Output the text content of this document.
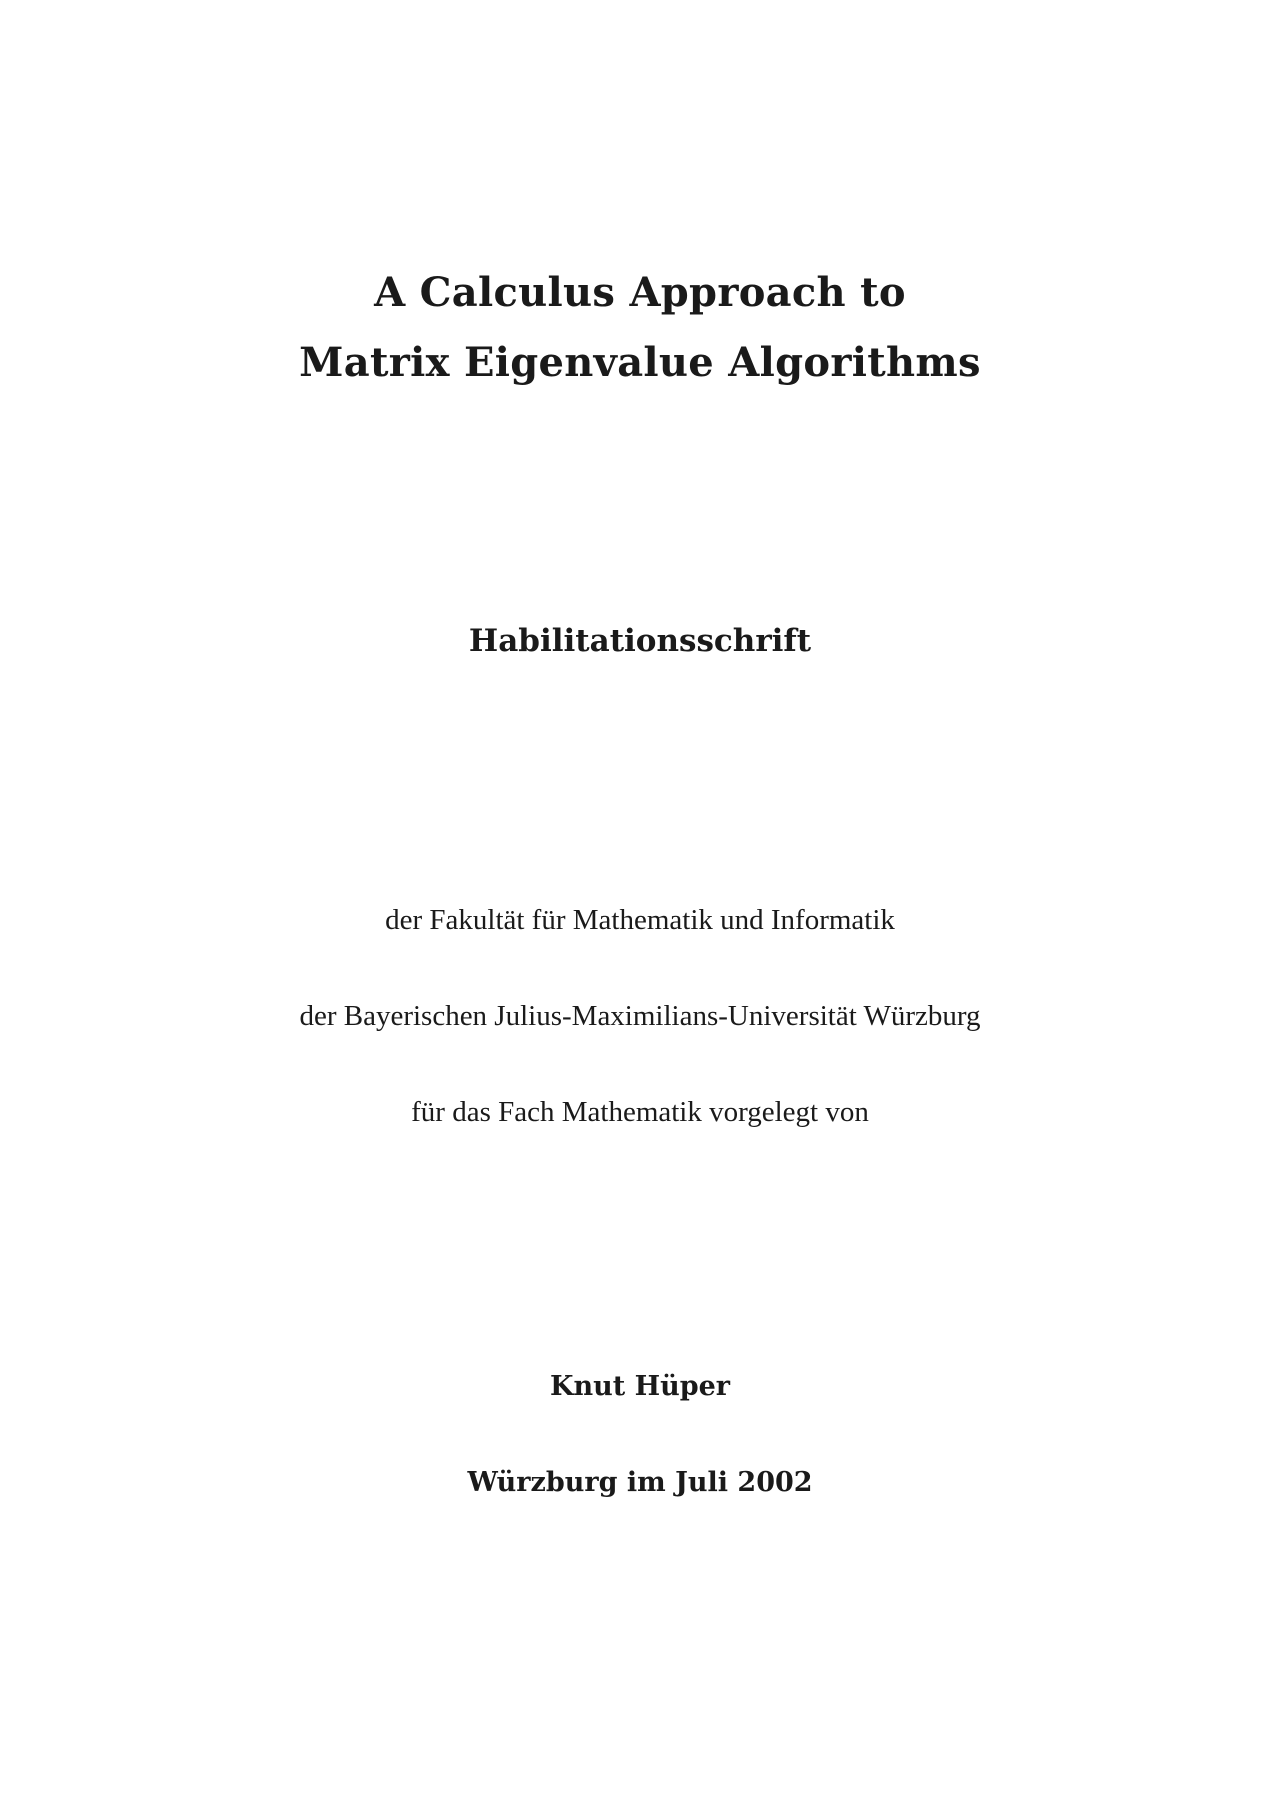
A Calculus Approach to
Matrix Eigenvalue Algorithms
Habilitationsschrift
der Fakultät für Mathematik und Informatik
der Bayerischen Julius-Maximilians-Universität Würzburg
für das Fach Mathematik vorgelegt von
Knut Hüper
Würzburg im Juli 2002
